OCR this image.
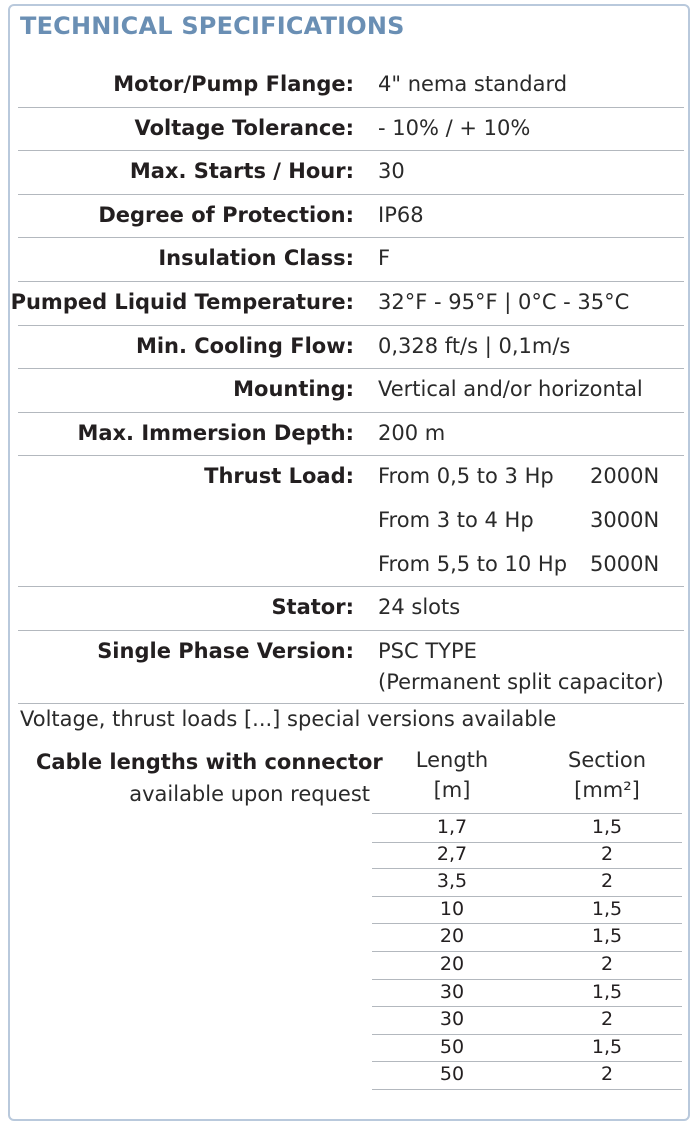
TECHNICAL SPECIFICATIONS
Motor/Pump Flange: 4" nema standard
Voltage Tolerance: - 10% / + 10%
Max. Starts / Hour: 30
Degree of Protection: IP68
Insulation Class: F
Pumped Liquid Temperature: 32°F - 95°F | 0°C - 35°C
Min. Cooling Flow: 0,328 ft/s | 0,1m/s
Mounting: Vertical and/or horizontal
Max. Immersion Depth: 200 m
Thrust Load: From 0,5 to 3 Hp 2000N
From 3 to 4 Hp	3000N
From 5,5 to 10 Hp 5000N
Stator: 24 slots
Single Phase Version: PSC TYPE
(Permanent split capacitor)
Voltage, thrust loads [...] special versions available
Cable lengths with connector
available upon request
Length
[m]
Section
[mm²]
1,7	1,5
2,7	2
3,5	2
10	1,5
20	1,5
20	2
30	1,5
30	2
50	1,5
50	2
